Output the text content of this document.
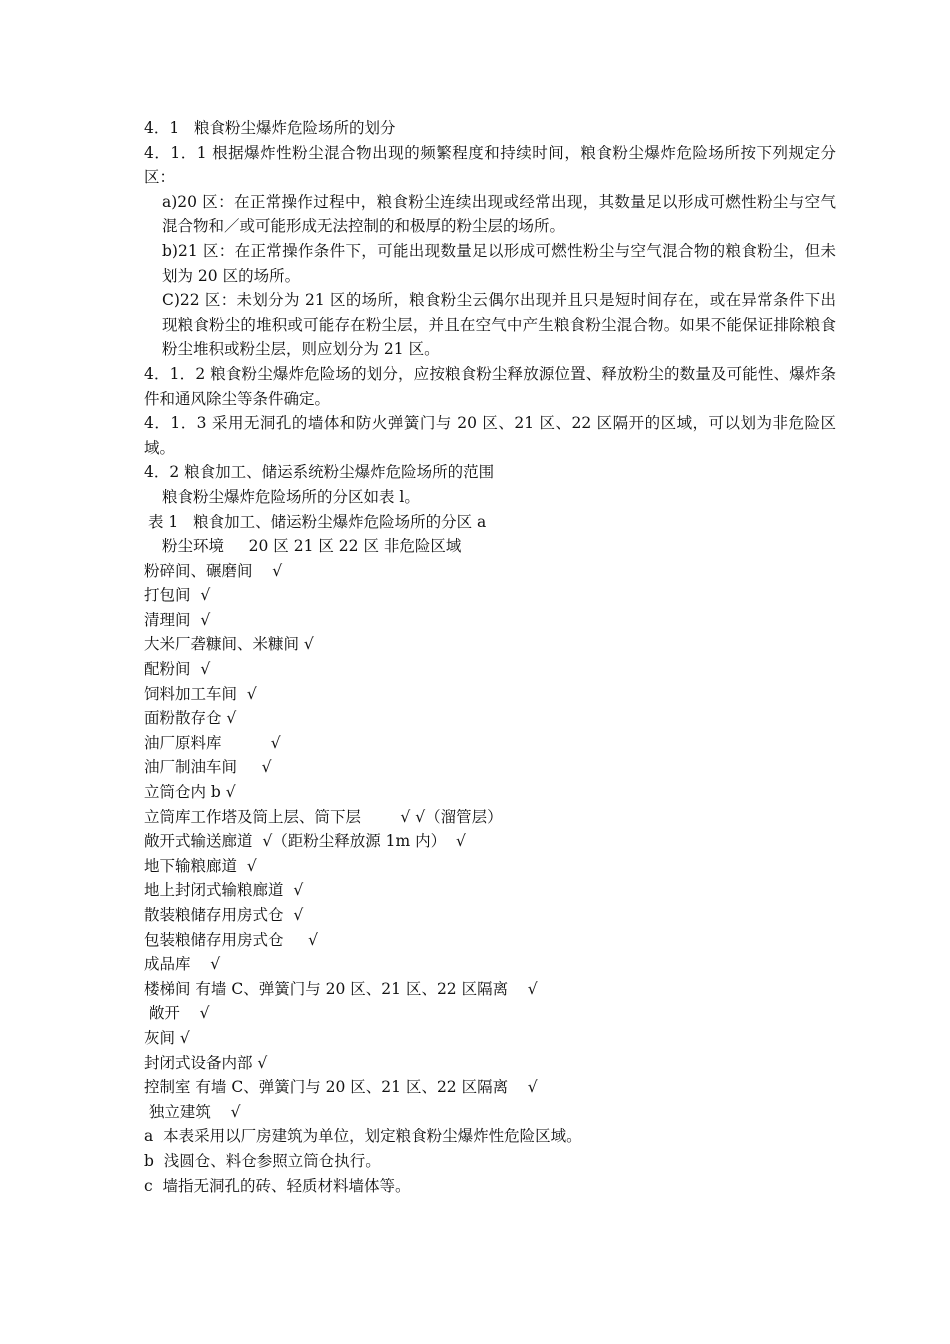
4．1   粮食粉尘爆炸危险场所的划分
4．1．1 根据爆炸性粉尘混合物出现的频繁程度和持续时间，粮食粉尘爆炸危险场所按下列规定分区：
a)20 区：在正常操作过程中，粮食粉尘连续出现或经常出现，其数量足以形成可燃性粉尘与空气混合物和／或可能形成无法控制的和极厚的粉尘层的场所。
b)21 区：在正常操作条件下，可能出现数量足以形成可燃性粉尘与空气混合物的粮食粉尘，但未划为 20 区的场所。
C)22 区：未划分为 21 区的场所，粮食粉尘云偶尔出现并且只是短时间存在，或在异常条件下出现粮食粉尘的堆积或可能存在粉尘层，并且在空气中产生粮食粉尘混合物。如果不能保证排除粮食粉尘堆积或粉尘层，则应划分为 21 区。
4．1．2 粮食粉尘爆炸危险场的划分，应按粮食粉尘释放源位置、释放粉尘的数量及可能性、爆炸条件和通风除尘等条件确定。
4．1．3 采用无洞孔的墙体和防火弹簧门与 20 区、21 区、22 区隔开的区域，可以划为非危险区域。
4．2 粮食加工、储运系统粉尘爆炸危险场所的范围
粮食粉尘爆炸危险场所的分区如表 l。
表 1   粮食加工、储运粉尘爆炸危险场所的分区 a
粉尘环境     20 区 21 区 22 区 非危险区域
粉碎间、碾磨间    √
打包间  √
清理间  √
大米厂砻糠间、米糠间 √
配粉间  √
饲料加工车间  √
面粉散存仓 √
油厂原料库          √
油厂制油车间     √
立筒仓内 b √
立筒库工作塔及筒上层、筒下层        √ √（溜管层）
敞开式输送廊道  √（距粉尘释放源 1m 内）  √
地下输粮廊道  √
地上封闭式输粮廊道  √
散装粮储存用房式仓  √
包装粮储存用房式仓     √
成品库    √
楼梯间 有墙 C、弹簧门与 20 区、21 区、22 区隔离    √
敞开    √
灰间 √
封闭式设备内部 √
控制室 有墙 C、弹簧门与 20 区、21 区、22 区隔离    √
独立建筑    √
a  本表采用以厂房建筑为单位，划定粮食粉尘爆炸性危险区域。
b  浅圆仓、料仓参照立筒仓执行。
c  墙指无洞孔的砖、轻质材料墙体等。
